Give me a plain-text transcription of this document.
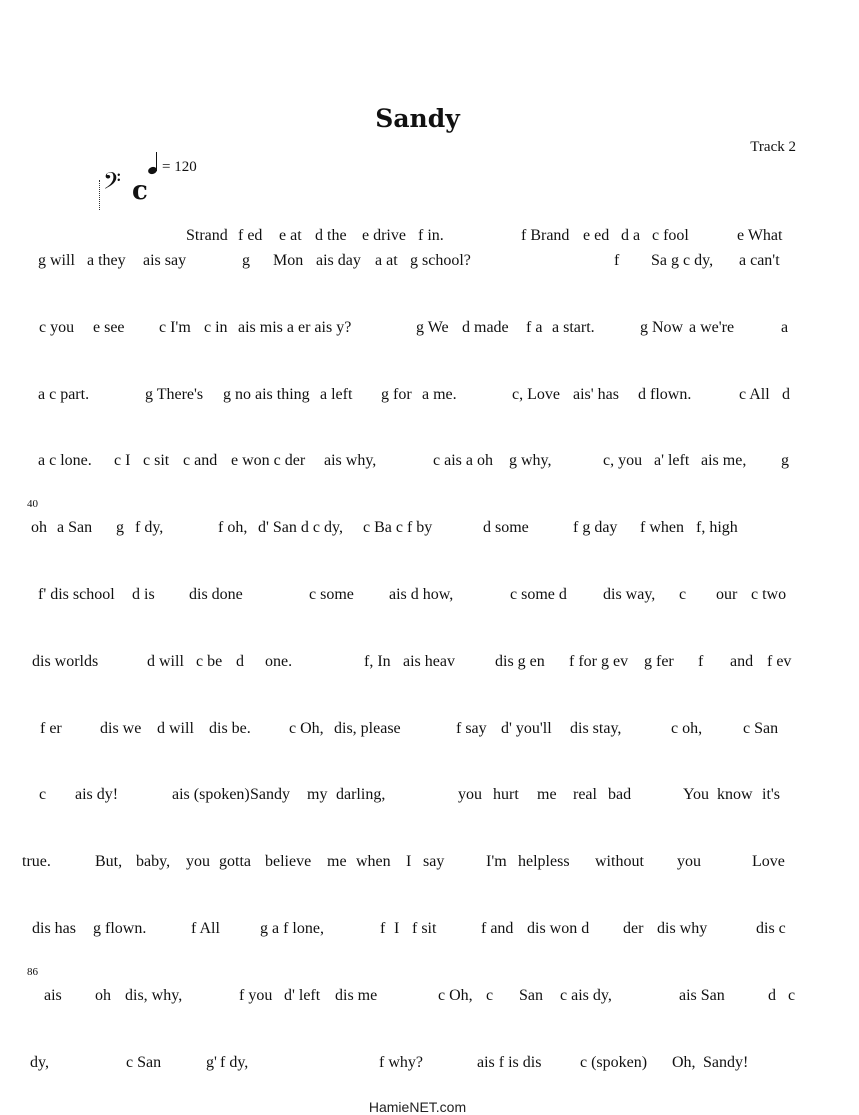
Sandy
Track 2
= 120
𝄢 c
Strand f ed e at d the e drive f in.	f Brand e ed d a c fool	e What
g will a they ais say	g Mon ais day a at g school?	f Sa g c dy, a can't
c you e see c I'm c in ais mis a er ais y?	g We d made f a a start.	g Now a we're	a
a c part.	g There's g no ais thing a left g for a me.	c, Love ais' has d flown.	c All d
a c lone. c I c sit c and e won c der ais why,	c ais a oh g why,	c, you a' left ais me, g
40
oh a San g f dy,	f oh, d' San d c dy, c Ba c f by	d some	f g day f when f, high
f' dis school d is dis done	c some ais d how,	c some d dis way, c our c two
dis worlds	d will c be d one.	f, In ais heav	dis g en f for g ev g fer f and f ev
f er dis we d will dis be. c Oh, dis, please	f say d' you'll dis stay,	c oh,	c San
c ais dy!	ais (spoken) Sandy my darling,	you hurt me real bad	You know it's
true.	But, baby, you gotta believe me when I say	I'm helpless without you	Love
dis has g flown.	f All	g a f lone,	f I f sit	f and dis won d der dis why	dis c
86
ais oh dis, why,	f you d' left dis me	c Oh, c San c ais dy,	ais San	d c
dy,	c San	g' f dy,	f why?	ais f is dis c (spoken) Oh, Sandy!
HamieNET.com
